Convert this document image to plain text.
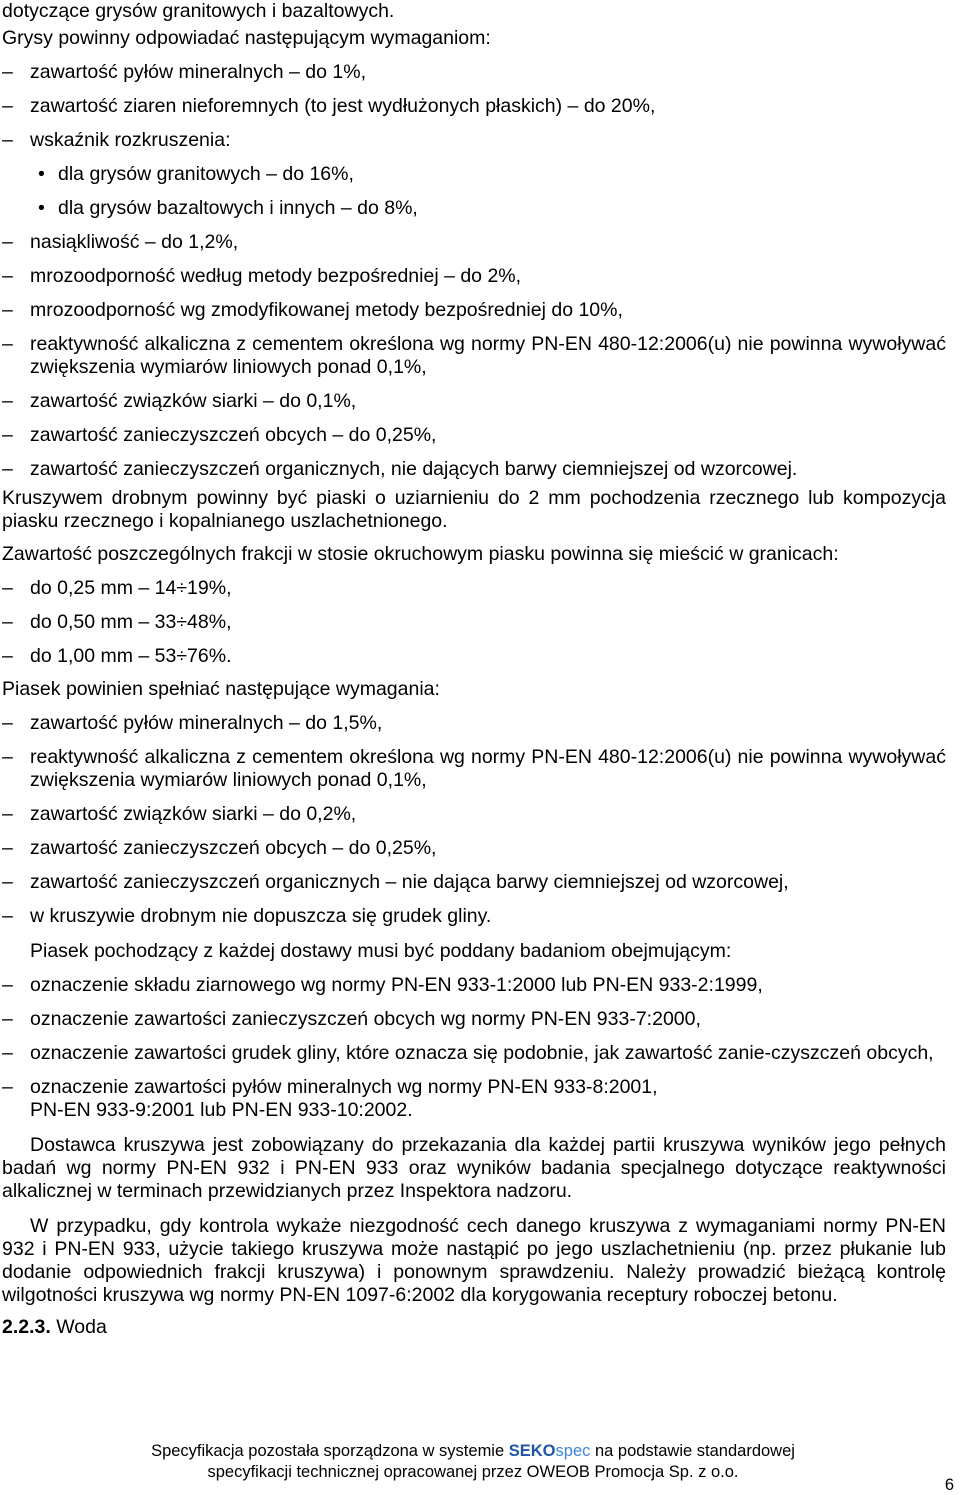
dotyczące grysów granitowych i bazaltowych.

Grysy powinny odpowiadać następującym wymaganiom:

– zawartość pyłów mineralnych – do 1%,
– zawartość ziaren nieforemnych (to jest wydłużonych płaskich) – do 20%,
– wskaźnik rozkruszenia:
• dla grysów granitowych – do 16%,
• dla grysów bazaltowych i innych – do 8%,
– nasiąkliwość – do 1,2%,
– mrozoodporność według metody bezpośredniej – do 2%,
– mrozoodporność wg zmodyfikowanej metody bezpośredniej do 10%,
– reaktywność alkaliczna z cementem określona wg normy PN-EN 480-12:2006(u) nie powinna wywoływać zwiększenia wymiarów liniowych ponad 0,1%,
– zawartość związków siarki – do 0,1%,
– zawartość zanieczyszczeń obcych – do 0,25%,
– zawartość zanieczyszczeń organicznych, nie dających barwy ciemniejszej od wzorcowej.

Kruszywem drobnym powinny być piaski o uziarnieniu do 2 mm pochodzenia rzecznego lub kompozycja piasku rzecznego i kopalnianego uszlachetnionego.

Zawartość poszczególnych frakcji w stosie okruchowym piasku powinna się mieścić w granicach:

– do 0,25 mm – 14÷19%,
– do 0,50 mm – 33÷48%,
– do 1,00 mm – 53÷76%.

Piasek powinien spełniać następujące wymagania:

– zawartość pyłów mineralnych – do 1,5%,
– reaktywność alkaliczna z cementem określona wg normy PN-EN 480-12:2006(u) nie powinna wywoływać zwiększenia wymiarów liniowych ponad 0,1%,
– zawartość związków siarki – do 0,2%,
– zawartość zanieczyszczeń obcych – do 0,25%,
– zawartość zanieczyszczeń organicznych – nie dająca barwy ciemniejszej od wzorcowej,
– w kruszywie drobnym nie dopuszcza się grudek gliny.

Piasek pochodzący z każdej dostawy musi być poddany badaniom obejmującym:

– oznaczenie składu ziarnowego wg normy PN-EN 933-1:2000 lub PN-EN 933-2:1999,
– oznaczenie zawartości zanieczyszczeń obcych wg normy PN-EN 933-7:2000,
– oznaczenie zawartości grudek gliny, które oznacza się podobnie, jak zawartość zanie-czyszczeń obcych,
– oznaczenie zawartości pyłów mineralnych wg normy PN-EN 933-8:2001,
PN-EN 933-9:2001 lub PN-EN 933-10:2002.

Dostawca kruszywa jest zobowiązany do przekazania dla każdej partii kruszywa wyników jego pełnych badań wg normy PN-EN 932 i PN-EN 933 oraz wyników badania specjalnego dotyczące reaktywności alkalicznej w terminach przewidzianych przez Inspektora nadzoru.

W przypadku, gdy kontrola wykaże niezgodność cech danego kruszywa z wymaganiami normy PN-EN 932 i PN-EN 933, użycie takiego kruszywa może nastąpić po jego uszlachetnieniu (np. przez płukanie lub dodanie odpowiednich frakcji kruszywa) i ponownym sprawdzeniu. Należy prowadzić bieżącą kontrolę wilgotności kruszywa wg normy PN-EN 1097-6:2002 dla korygowania receptury roboczej betonu.

2.2.3. Woda

Specyfikacja pozostała sporządzona w systemie SEKOspec na podstawie standardowej
specyfikacji technicznej opracowanej przez OWEOB Promocja Sp. z o.o.
6
